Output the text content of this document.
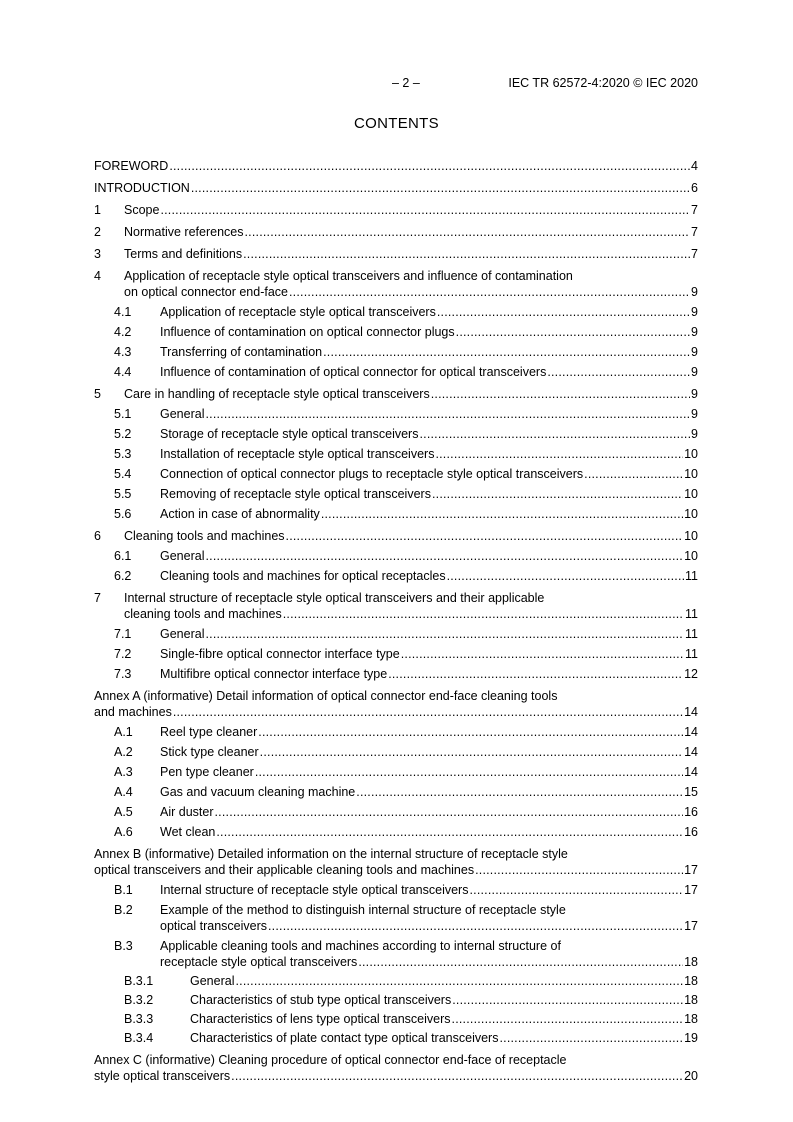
– 2 –	IEC TR 62572-4:2020 © IEC 2020
CONTENTS
FOREWORD .....	4
INTRODUCTION .....	6
1 Scope .....	7
2 Normative references .....	7
3 Terms and definitions .....	7
4	Application of receptacle style optical transceivers and influence of contamination
on optical connector end-face .....	9
4.1 Application of receptacle style optical transceivers .....	9
4.2 Influence of contamination on optical connector plugs .....	9
4.3 Transferring of contamination .....	9
4.4 Influence of contamination of optical connector for optical transceivers .....	9
5 Care in handling of receptacle style optical transceivers .....	9
5.1 General .....	9
5.2 Storage of receptacle style optical transceivers .....	9
5.3 Installation of receptacle style optical transceivers .....	10
5.4 Connection of optical connector plugs to receptacle style optical transceivers .....	10
5.5 Removing of receptacle style optical transceivers .....	10
5.6 Action in case of abnormality .....	10
6 Cleaning tools and machines .....	10
6.1 General .....	10
6.2 Cleaning tools and machines for optical receptacles .....	11
7	Internal structure of receptacle style optical transceivers and their applicable
cleaning tools and machines .....	11
7.1 General .....	11
7.2 Single-fibre optical connector interface type .....	11
7.3 Multifibre optical connector interface type .....	12
Annex A (informative) Detail information of optical connector end-face cleaning tools
and machines .....	14
A.1 Reel type cleaner .....	14
A.2 Stick type cleaner .....	14
A.3 Pen type cleaner .....	14
A.4 Gas and vacuum cleaning machine .....	15
A.5 Air duster .....	16
A.6 Wet clean .....	16
Annex B (informative) Detailed information on the internal structure of receptacle style
optical transceivers and their applicable cleaning tools and machines .....	17
B.1 Internal structure of receptacle style optical transceivers .....	17
B.2	Example of the method to distinguish internal structure of receptacle style
optical transceivers .....	17
B.3	Applicable cleaning tools and machines according to internal structure of
receptacle style optical transceivers .....	18
B.3.1	General .....	18
B.3.2	Characteristics of stub type optical transceivers .....	18
B.3.3	Characteristics of lens type optical transceivers .....	18
B.3.4	Characteristics of plate contact type optical transceivers .....	19
Annex C (informative) Cleaning procedure of optical connector end-face of receptacle
style optical transceivers .....	20
